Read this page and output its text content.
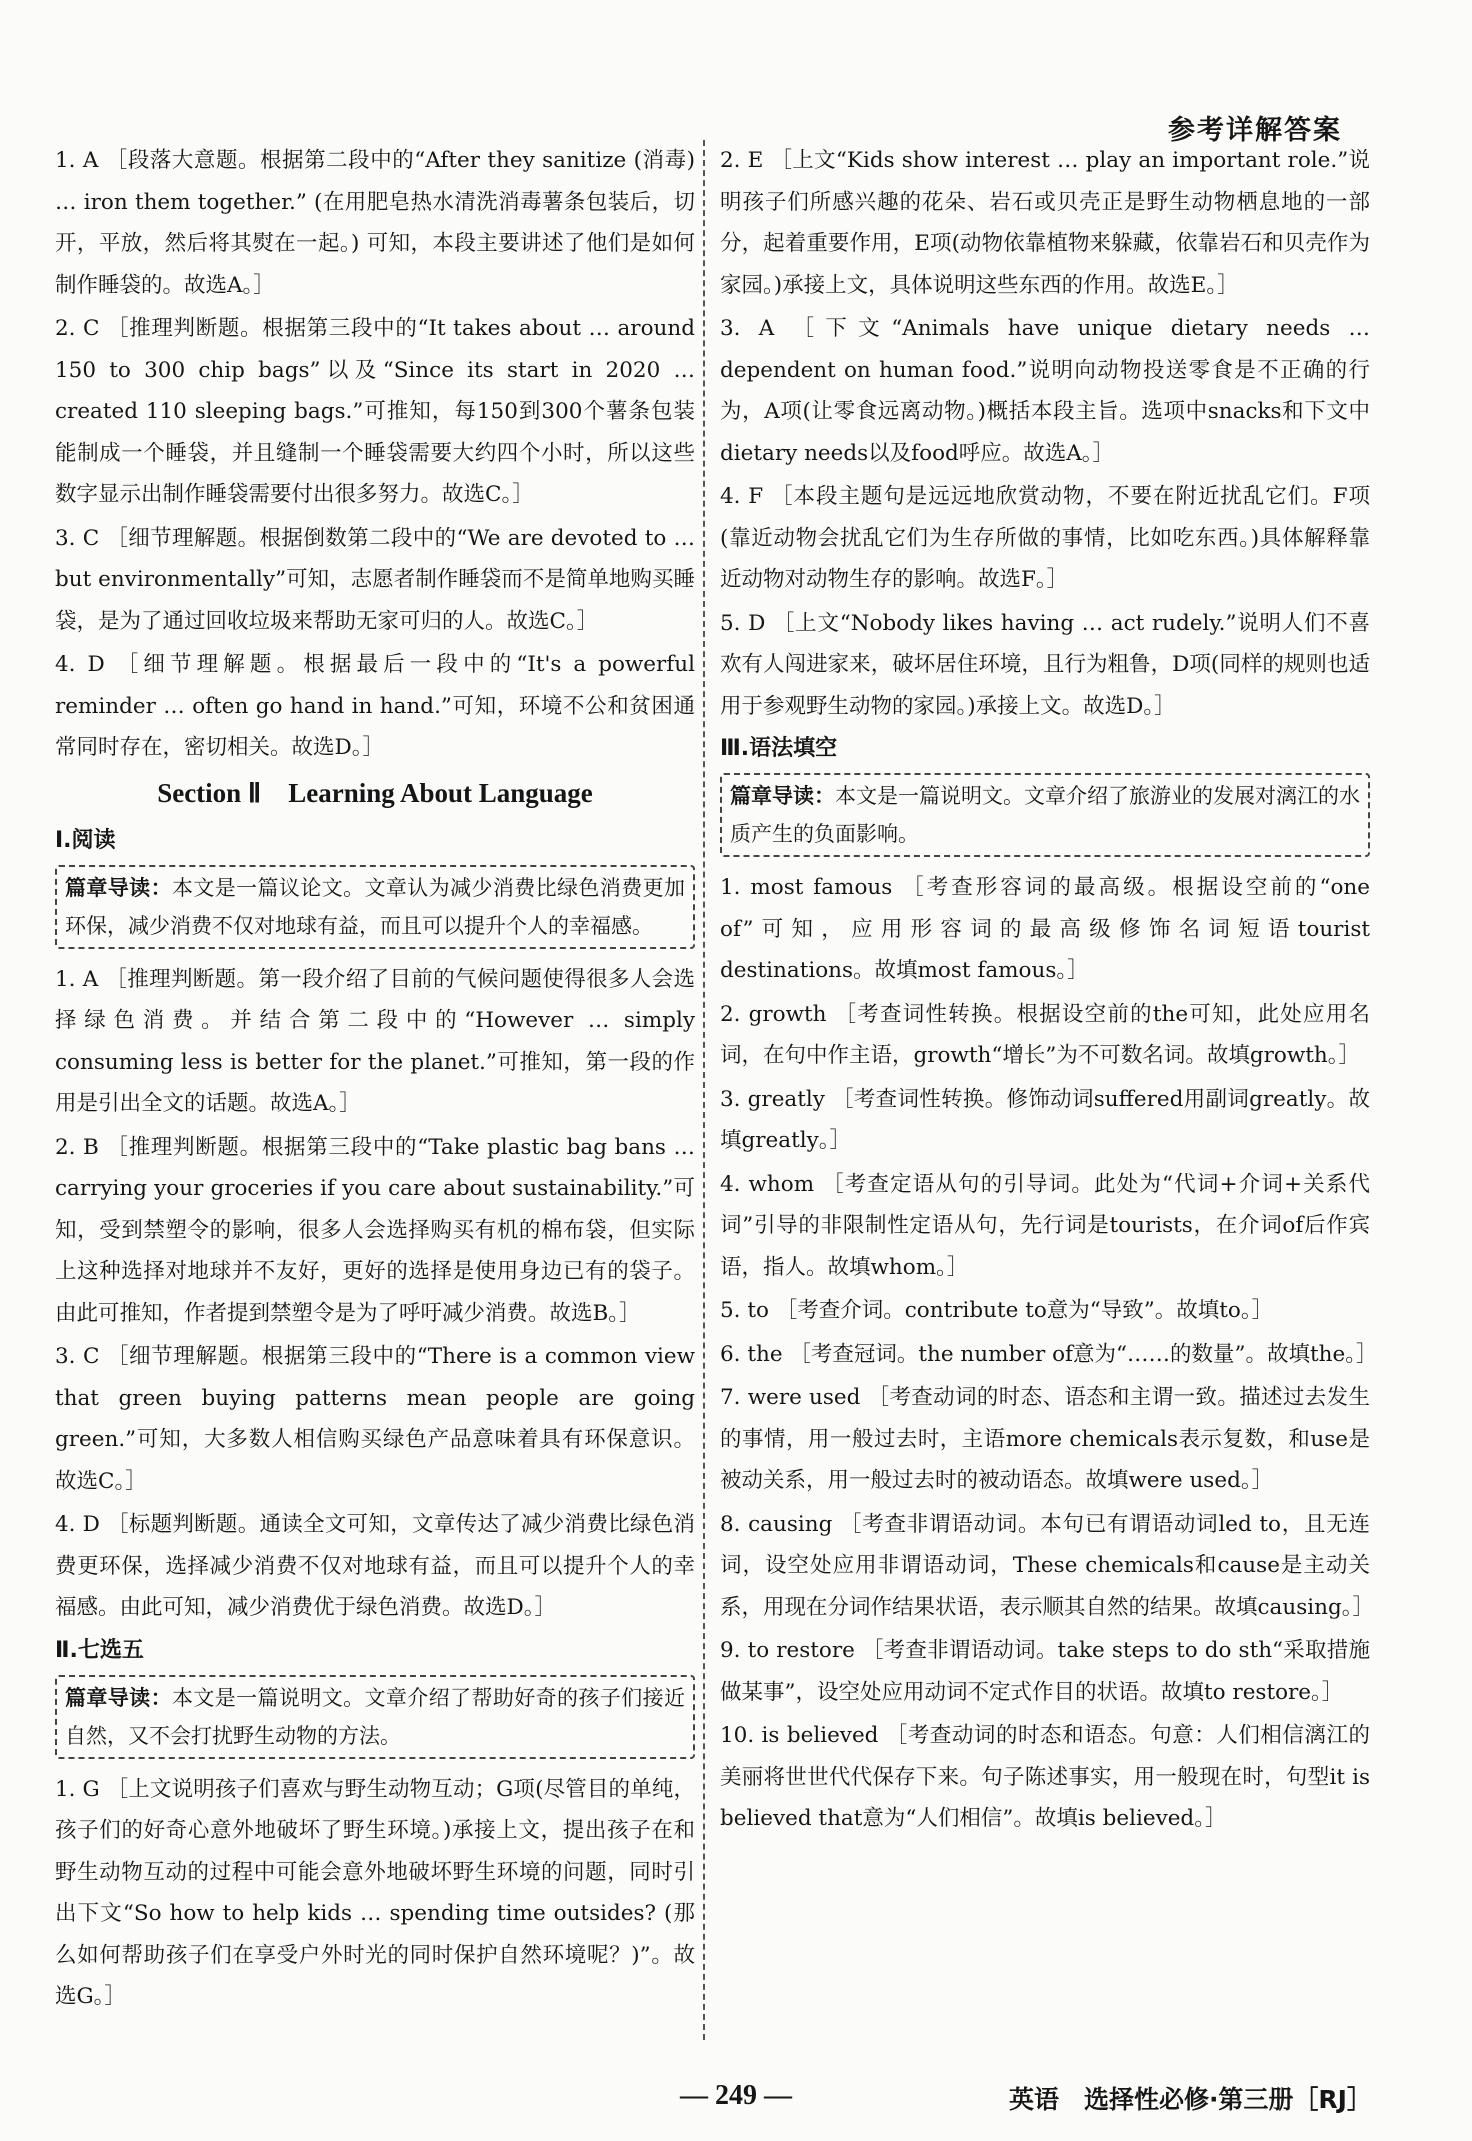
参考详解答案

1. A ［段落大意题。根据第二段中的“After they sanitize (消毒) … iron them together.” (在用肥皂热水清洗消毒薯条包装后，切开，平放，然后将其熨在一起。) 可知，本段主要讲述了他们是如何制作睡袋的。故选A。］

2. C ［推理判断题。根据第三段中的“It takes about … around 150 to 300 chip bags”以及“Since its start in 2020 … created 110 sleeping bags.”可推知，每150到300个薯条包装能制成一个睡袋，并且缝制一个睡袋需要大约四个小时，所以这些数字显示出制作睡袋需要付出很多努力。故选C。］

3. C ［细节理解题。根据倒数第二段中的“We are devoted to … but environmentally”可知，志愿者制作睡袋而不是简单地购买睡袋，是为了通过回收垃圾来帮助无家可归的人。故选C。］

4. D ［细节理解题。根据最后一段中的“It's a powerful reminder … often go hand in hand.”可知，环境不公和贫困通常同时存在，密切相关。故选D。］

Section Ⅱ　Learning About Language
Ⅰ.阅读
篇章导读：本文是一篇议论文。文章认为减少消费比绿色消费更加环保，减少消费不仅对地球有益，而且可以提升个人的幸福感。

1. A ［推理判断题。第一段介绍了目前的气候问题使得很多人会选择绿色消费。并结合第二段中的“However … simply consuming less is better for the planet.”可推知，第一段的作用是引出全文的话题。故选A。］

2. B ［推理判断题。根据第三段中的“Take plastic bag bans … carrying your groceries if you care about sustainability.”可知，受到禁塑令的影响，很多人会选择购买有机的棉布袋，但实际上这种选择对地球并不友好，更好的选择是使用身边已有的袋子。由此可推知，作者提到禁塑令是为了呼吁减少消费。故选B。］

3. C ［细节理解题。根据第三段中的“There is a common view that green buying patterns mean people are going green.”可知，大多数人相信购买绿色产品意味着具有环保意识。故选C。］

4. D ［标题判断题。通读全文可知，文章传达了减少消费比绿色消费更环保，选择减少消费不仅对地球有益，而且可以提升个人的幸福感。由此可知，减少消费优于绿色消费。故选D。］

Ⅱ.七选五
篇章导读：本文是一篇说明文。文章介绍了帮助好奇的孩子们接近自然，又不会打扰野生动物的方法。

1. G ［上文说明孩子们喜欢与野生动物互动；G项(尽管目的单纯，孩子们的好奇心意外地破坏了野生环境。)承接上文，提出孩子在和野生动物互动的过程中可能会意外地破坏野生环境的问题，同时引出下文“So how to help kids … spending time outsides? (那么如何帮助孩子们在享受户外时光的同时保护自然环境呢？)”。故选G。］

2. E ［上文“Kids show interest … play an important role.”说明孩子们所感兴趣的花朵、岩石或贝壳正是野生动物栖息地的一部分，起着重要作用，E项(动物依靠植物来躲藏，依靠岩石和贝壳作为家园。)承接上文，具体说明这些东西的作用。故选E。］

3. A ［下文“Animals have unique dietary needs … dependent on human food.”说明向动物投送零食是不正确的行为，A项(让零食远离动物。)概括本段主旨。选项中snacks和下文中dietary needs以及food呼应。故选A。］

4. F ［本段主题句是远远地欣赏动物，不要在附近扰乱它们。F项(靠近动物会扰乱它们为生存所做的事情，比如吃东西。)具体解释靠近动物对动物生存的影响。故选F。］

5. D ［上文“Nobody likes having … act rudely.”说明人们不喜欢有人闯进家来，破坏居住环境，且行为粗鲁，D项(同样的规则也适用于参观野生动物的家园。)承接上文。故选D。］

Ⅲ.语法填空
篇章导读：本文是一篇说明文。文章介绍了旅游业的发展对漓江的水质产生的负面影响。

1. most famous ［考查形容词的最高级。根据设空前的“one of”可知，应用形容词的最高级修饰名词短语tourist destinations。故填most famous。］

2. growth ［考查词性转换。根据设空前的the可知，此处应用名词，在句中作主语，growth“增长”为不可数名词。故填growth。］

3. greatly ［考查词性转换。修饰动词suffered用副词greatly。故填greatly。］

4. whom ［考查定语从句的引导词。此处为“代词+介词+关系代词”引导的非限制性定语从句，先行词是tourists，在介词of后作宾语，指人。故填whom。］

5. to ［考查介词。contribute to意为“导致”。故填to。］

6. the ［考查冠词。the number of意为“……的数量”。故填the。］

7. were used ［考查动词的时态、语态和主谓一致。描述过去发生的事情，用一般过去时，主语more chemicals表示复数，和use是被动关系，用一般过去时的被动语态。故填were used。］

8. causing ［考查非谓语动词。本句已有谓语动词led to，且无连词，设空处应用非谓语动词，These chemicals和cause是主动关系，用现在分词作结果状语，表示顺其自然的结果。故填causing。］

9. to restore ［考查非谓语动词。take steps to do sth“采取措施做某事”，设空处应用动词不定式作目的状语。故填to restore。］

10. is believed ［考查动词的时态和语态。句意：人们相信漓江的美丽将世世代代保存下来。句子陈述事实，用一般现在时，句型it is believed that意为“人们相信”。故填is believed。］

— 249 —	英语　选择性必修·第三册［RJ］
